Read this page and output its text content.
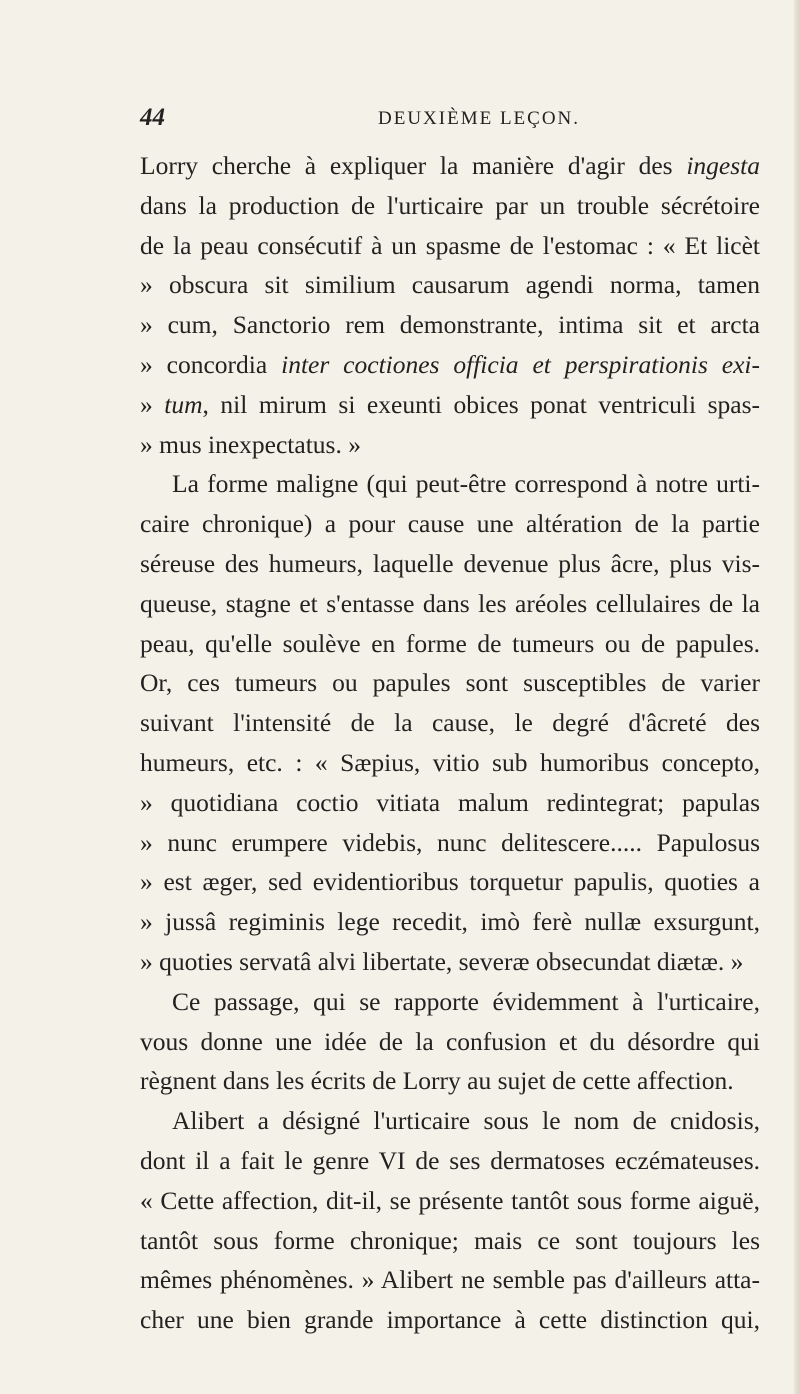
44	DEUXIÈME LEÇON.
Lorry cherche à expliquer la manière d'agir des ingesta
dans la production de l'urticaire par un trouble sécrétoire
de la peau consécutif à un spasme de l'estomac : « Et licèt
» obscura sit similium causarum agendi norma, tamen
» cum, Sanctorio rem demonstrante, intima sit et arcta
» concordia inter coctiones officia et perspirationis exi-
» tum, nil mirum si exeunti obices ponat ventriculi spas-
» mus inexpectatus. »
La forme maligne (qui peut-être correspond à notre urti-
caire chronique) a pour cause une altération de la partie
séreuse des humeurs, laquelle devenue plus âcre, plus vis-
queuse, stagne et s'entasse dans les aréoles cellulaires de la
peau, qu'elle soulève en forme de tumeurs ou de papules.
Or, ces tumeurs ou papules sont susceptibles de varier
suivant l'intensité de la cause, le degré d'âcreté des
humeurs, etc. : « Sæpius, vitio sub humoribus concepto,
» quotidiana coctio vitiata malum redintegrat; papulas
» nunc erumpere videbis, nunc delitescere..... Papulosus
» est æger, sed evidentioribus torquetur papulis, quoties a
» jussâ regiminis lege recedit, imò ferè nullæ exsurgunt,
» quoties servatâ alvi libertate, severæ obsecundat diætæ. »
Ce passage, qui se rapporte évidemment à l'urticaire,
vous donne une idée de la confusion et du désordre qui
règnent dans les écrits de Lorry au sujet de cette affection.
Alibert a désigné l'urticaire sous le nom de cnidosis,
dont il a fait le genre VI de ses dermatoses eczémateuses.
« Cette affection, dit-il, se présente tantôt sous forme aiguë,
tantôt sous forme chronique; mais ce sont toujours les
mêmes phénomènes. » Alibert ne semble pas d'ailleurs atta-
cher une bien grande importance à cette distinction qui,
